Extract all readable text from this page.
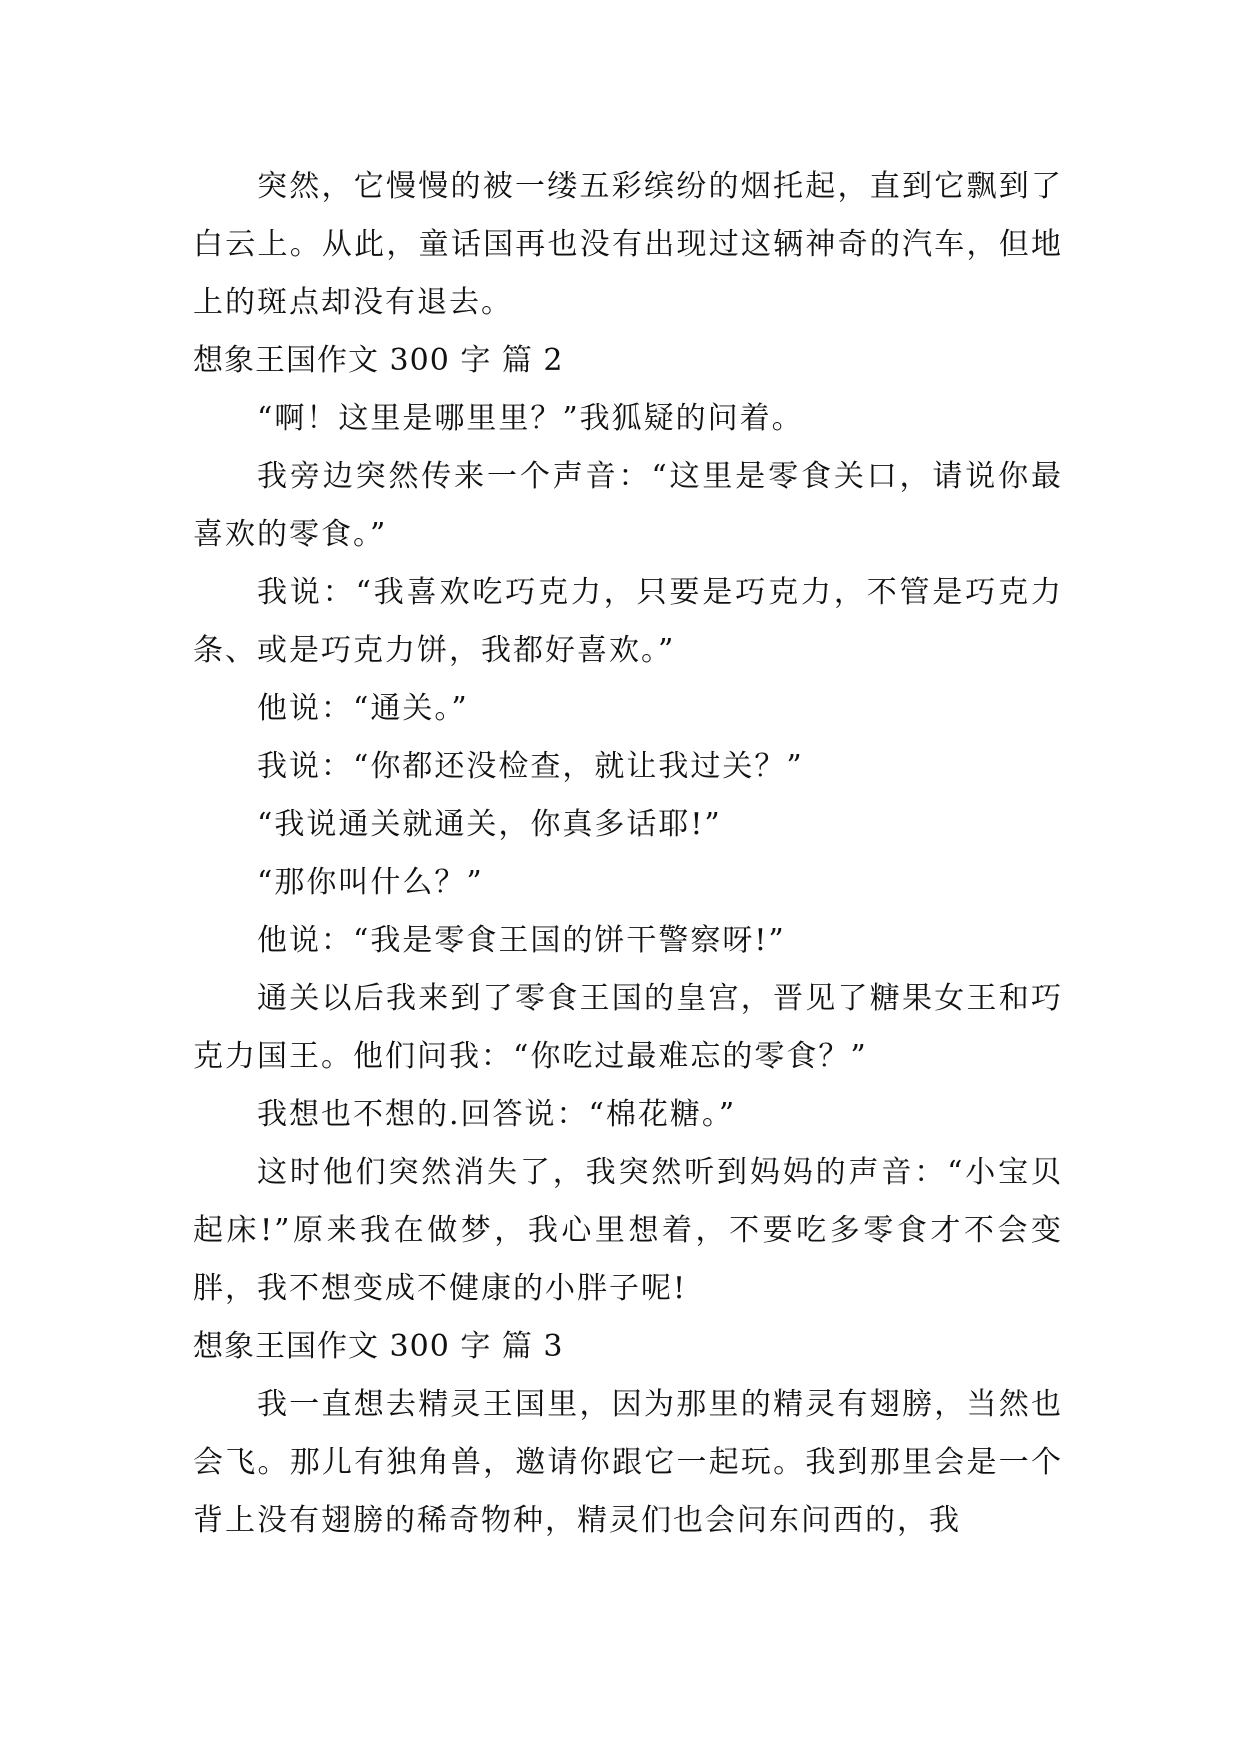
突然，它慢慢的被一缕五彩缤纷的烟托起，直到它飘到了白云上。从此，童话国再也没有出现过这辆神奇的汽车，但地上的斑点却没有退去。

想象王国作文 300 字 篇 2

“啊！这里是哪里里？”我狐疑的问着。

我旁边突然传来一个声音：“这里是零食关口，请说你最喜欢的零食。”

我说：“我喜欢吃巧克力，只要是巧克力，不管是巧克力条、或是巧克力饼，我都好喜欢。”

他说：“通关。”

我说：“你都还没检查，就让我过关？”

“我说通关就通关，你真多话耶!”

“那你叫什么？”

他说：“我是零食王国的饼干警察呀!”

通关以后我来到了零食王国的皇宫，晋见了糖果女王和巧克力国王。他们问我：“你吃过最难忘的零食？”

我想也不想的.回答说：“棉花糖。”

这时他们突然消失了，我突然听到妈妈的声音：“小宝贝起床!”原来我在做梦，我心里想着，不要吃多零食才不会变胖，我不想变成不健康的小胖子呢!

想象王国作文 300 字 篇 3

我一直想去精灵王国里，因为那里的精灵有翅膀，当然也会飞。那儿有独角兽，邀请你跟它一起玩。我到那里会是一个背上没有翅膀的稀奇物种，精灵们也会问东问西的，我
